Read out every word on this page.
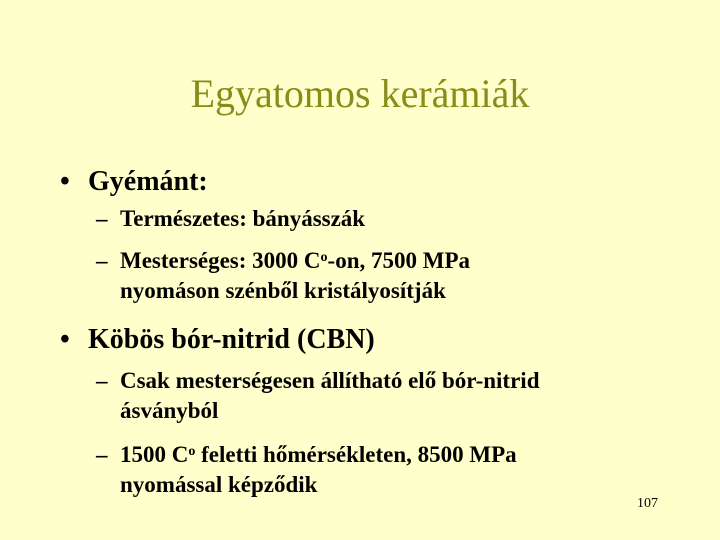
Egyatomos kerámiák
• Gyémánt:
– Természetes: bányásszák
– Mesterséges: 3000 $C^o-on$, 7500 MPa
nyomáson szénből kristályosítják
• Köbös bór-nitrid (CBN)
– Csak mesterségesen állítható elő bór-nitrid
ásványból
– 1500 $C^o$ feletti hőmérsékleten, 8500 MPa
nyomással képződik
107
